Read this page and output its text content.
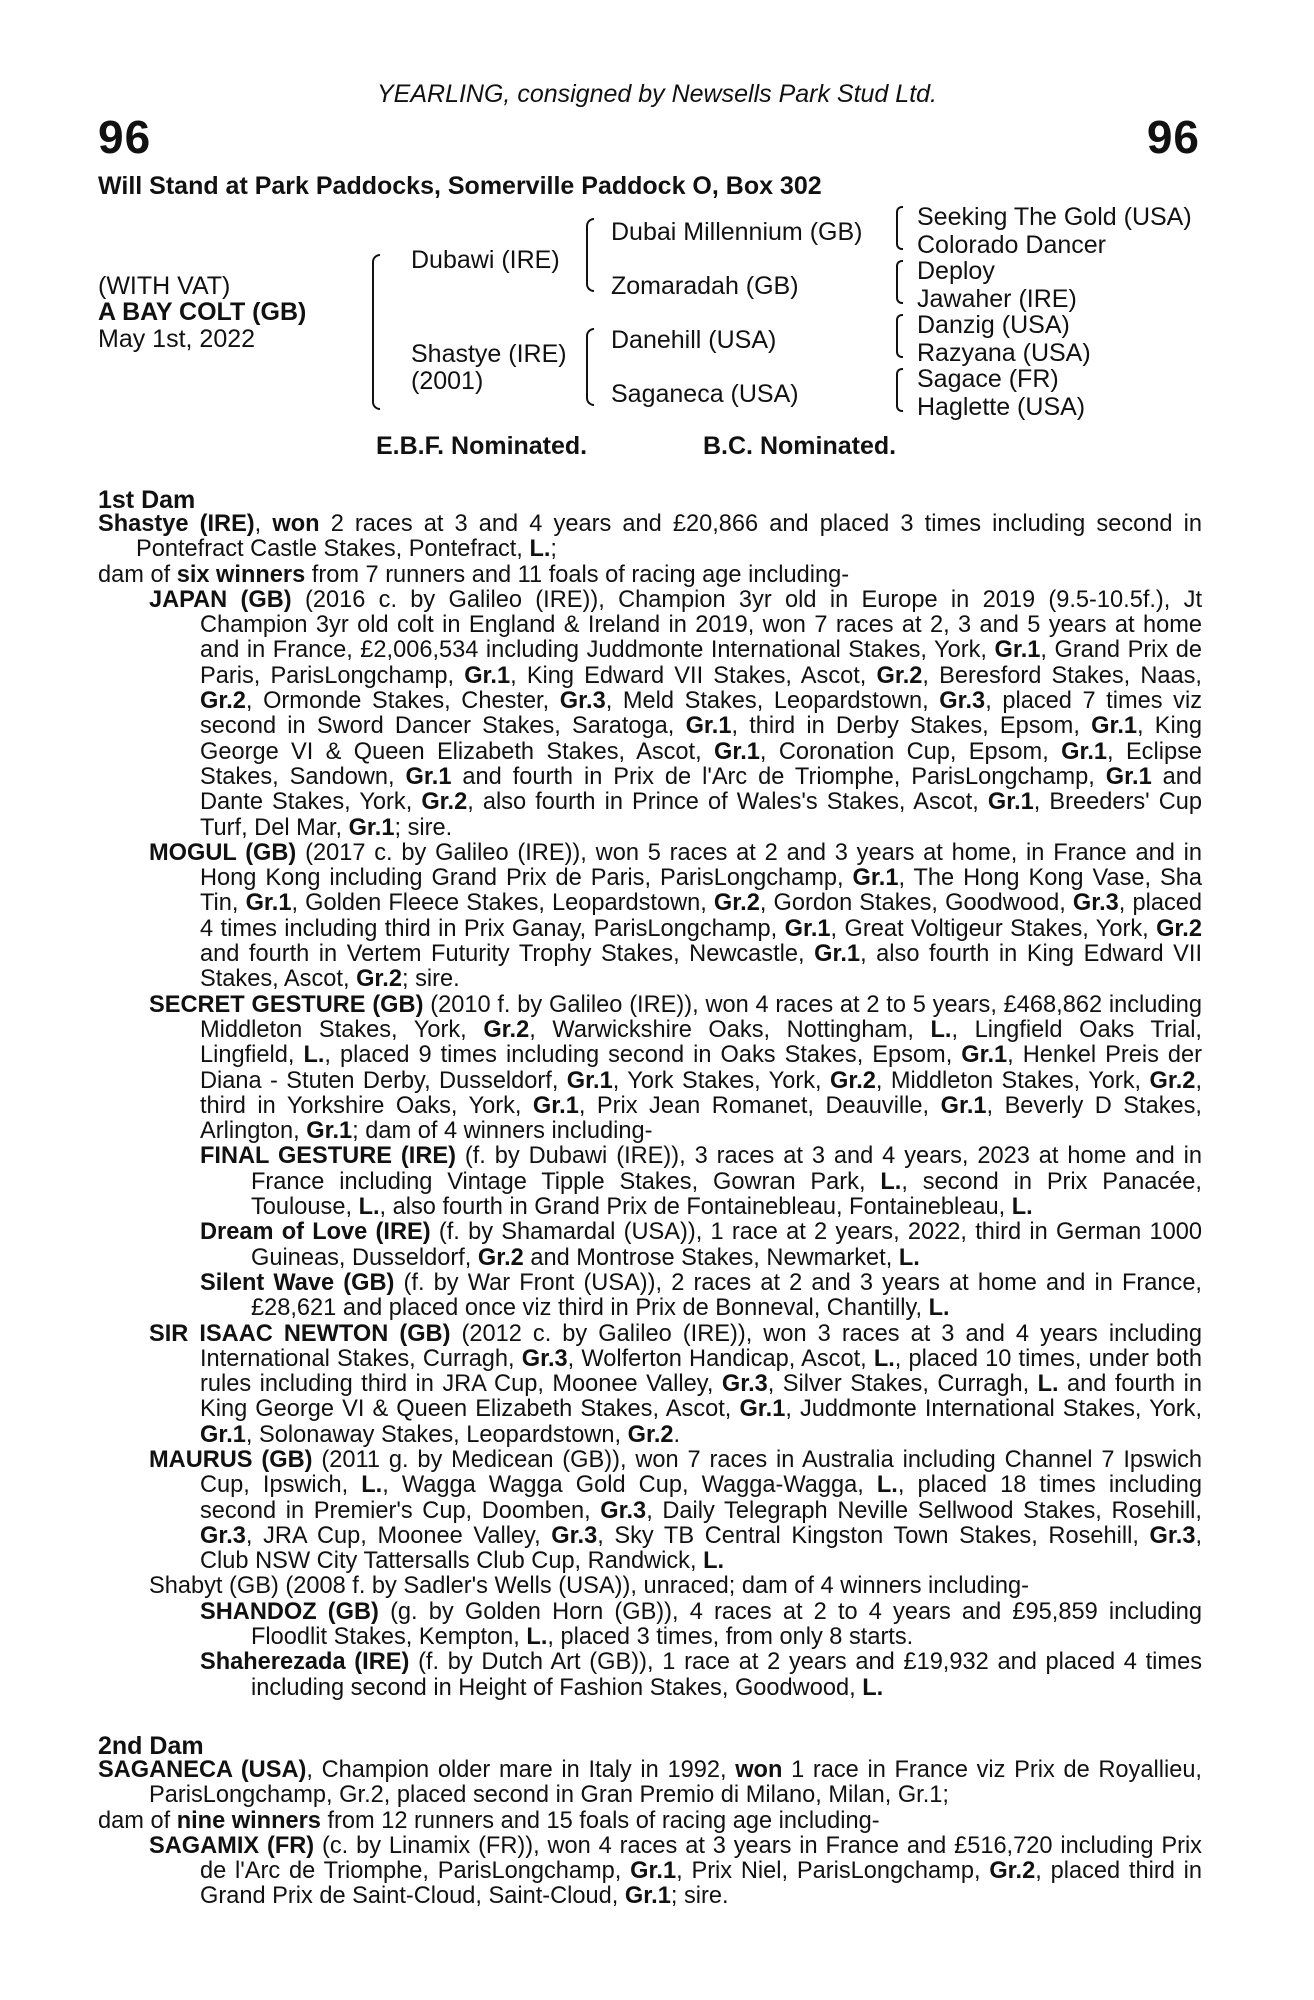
YEARLING, consigned by Newsells Park Stud Ltd.
96	96
Will Stand at Park Paddocks, Somerville Paddock O, Box 302
(WITH VAT)
A BAY COLT (GB)
May 1st, 2022
Dubawi (IRE)
Shastye (IRE)
(2001)
Dubai Millennium (GB)
Zomaradah (GB)
Danehill (USA)
Saganeca (USA)
Seeking The Gold (USA)
Colorado Dancer
Deploy
Jawaher (IRE)
Danzig (USA)
Razyana (USA)
Sagace (FR)
Haglette (USA)
E.B.F. Nominated.	B.C. Nominated.
1st Dam
Shastye (IRE), won 2 races at 3 and 4 years and £20,866 and placed 3 times including second in Pontefract Castle Stakes, Pontefract, L.;
dam of six winners from 7 runners and 11 foals of racing age including-
JAPAN (GB) (2016 c. by Galileo (IRE)), Champion 3yr old in Europe in 2019 (9.5-10.5f.), Jt Champion 3yr old colt in England & Ireland in 2019, won 7 races at 2, 3 and 5 years at home and in France, £2,006,534 including Juddmonte International Stakes, York, Gr.1, Grand Prix de Paris, ParisLongchamp, Gr.1, King Edward VII Stakes, Ascot, Gr.2, Beresford Stakes, Naas, Gr.2, Ormonde Stakes, Chester, Gr.3, Meld Stakes, Leopardstown, Gr.3, placed 7 times viz second in Sword Dancer Stakes, Saratoga, Gr.1, third in Derby Stakes, Epsom, Gr.1, King George VI & Queen Elizabeth Stakes, Ascot, Gr.1, Coronation Cup, Epsom, Gr.1, Eclipse Stakes, Sandown, Gr.1 and fourth in Prix de l'Arc de Triomphe, ParisLongchamp, Gr.1 and Dante Stakes, York, Gr.2, also fourth in Prince of Wales's Stakes, Ascot, Gr.1, Breeders' Cup Turf, Del Mar, Gr.1; sire.
MOGUL (GB) (2017 c. by Galileo (IRE)), won 5 races at 2 and 3 years at home, in France and in Hong Kong including Grand Prix de Paris, ParisLongchamp, Gr.1, The Hong Kong Vase, Sha Tin, Gr.1, Golden Fleece Stakes, Leopardstown, Gr.2, Gordon Stakes, Goodwood, Gr.3, placed 4 times including third in Prix Ganay, ParisLongchamp, Gr.1, Great Voltigeur Stakes, York, Gr.2 and fourth in Vertem Futurity Trophy Stakes, Newcastle, Gr.1, also fourth in King Edward VII Stakes, Ascot, Gr.2; sire.
SECRET GESTURE (GB) (2010 f. by Galileo (IRE)), won 4 races at 2 to 5 years, £468,862 including Middleton Stakes, York, Gr.2, Warwickshire Oaks, Nottingham, L., Lingfield Oaks Trial, Lingfield, L., placed 9 times including second in Oaks Stakes, Epsom, Gr.1, Henkel Preis der Diana - Stuten Derby, Dusseldorf, Gr.1, York Stakes, York, Gr.2, Middleton Stakes, York, Gr.2, third in Yorkshire Oaks, York, Gr.1, Prix Jean Romanet, Deauville, Gr.1, Beverly D Stakes, Arlington, Gr.1; dam of 4 winners including-
FINAL GESTURE (IRE) (f. by Dubawi (IRE)), 3 races at 3 and 4 years, 2023 at home and in France including Vintage Tipple Stakes, Gowran Park, L., second in Prix Panacée, Toulouse, L., also fourth in Grand Prix de Fontainebleau, Fontainebleau, L.
Dream of Love (IRE) (f. by Shamardal (USA)), 1 race at 2 years, 2022, third in German 1000 Guineas, Dusseldorf, Gr.2 and Montrose Stakes, Newmarket, L.
Silent Wave (GB) (f. by War Front (USA)), 2 races at 2 and 3 years at home and in France, £28,621 and placed once viz third in Prix de Bonneval, Chantilly, L.
SIR ISAAC NEWTON (GB) (2012 c. by Galileo (IRE)), won 3 races at 3 and 4 years including International Stakes, Curragh, Gr.3, Wolferton Handicap, Ascot, L., placed 10 times, under both rules including third in JRA Cup, Moonee Valley, Gr.3, Silver Stakes, Curragh, L. and fourth in King George VI & Queen Elizabeth Stakes, Ascot, Gr.1, Juddmonte International Stakes, York, Gr.1, Solonaway Stakes, Leopardstown, Gr.2.
MAURUS (GB) (2011 g. by Medicean (GB)), won 7 races in Australia including Channel 7 Ipswich Cup, Ipswich, L., Wagga Wagga Gold Cup, Wagga-Wagga, L., placed 18 times including second in Premier's Cup, Doomben, Gr.3, Daily Telegraph Neville Sellwood Stakes, Rosehill, Gr.3, JRA Cup, Moonee Valley, Gr.3, Sky TB Central Kingston Town Stakes, Rosehill, Gr.3, Club NSW City Tattersalls Club Cup, Randwick, L.
Shabyt (GB) (2008 f. by Sadler's Wells (USA)), unraced; dam of 4 winners including-
SHANDOZ (GB) (g. by Golden Horn (GB)), 4 races at 2 to 4 years and £95,859 including Floodlit Stakes, Kempton, L., placed 3 times, from only 8 starts.
Shaherezada (IRE) (f. by Dutch Art (GB)), 1 race at 2 years and £19,932 and placed 4 times including second in Height of Fashion Stakes, Goodwood, L.
2nd Dam
SAGANECA (USA), Champion older mare in Italy in 1992, won 1 race in France viz Prix de Royallieu, ParisLongchamp, Gr.2, placed second in Gran Premio di Milano, Milan, Gr.1;
dam of nine winners from 12 runners and 15 foals of racing age including-
SAGAMIX (FR) (c. by Linamix (FR)), won 4 races at 3 years in France and £516,720 including Prix de l'Arc de Triomphe, ParisLongchamp, Gr.1, Prix Niel, ParisLongchamp, Gr.2, placed third in Grand Prix de Saint-Cloud, Saint-Cloud, Gr.1; sire.
